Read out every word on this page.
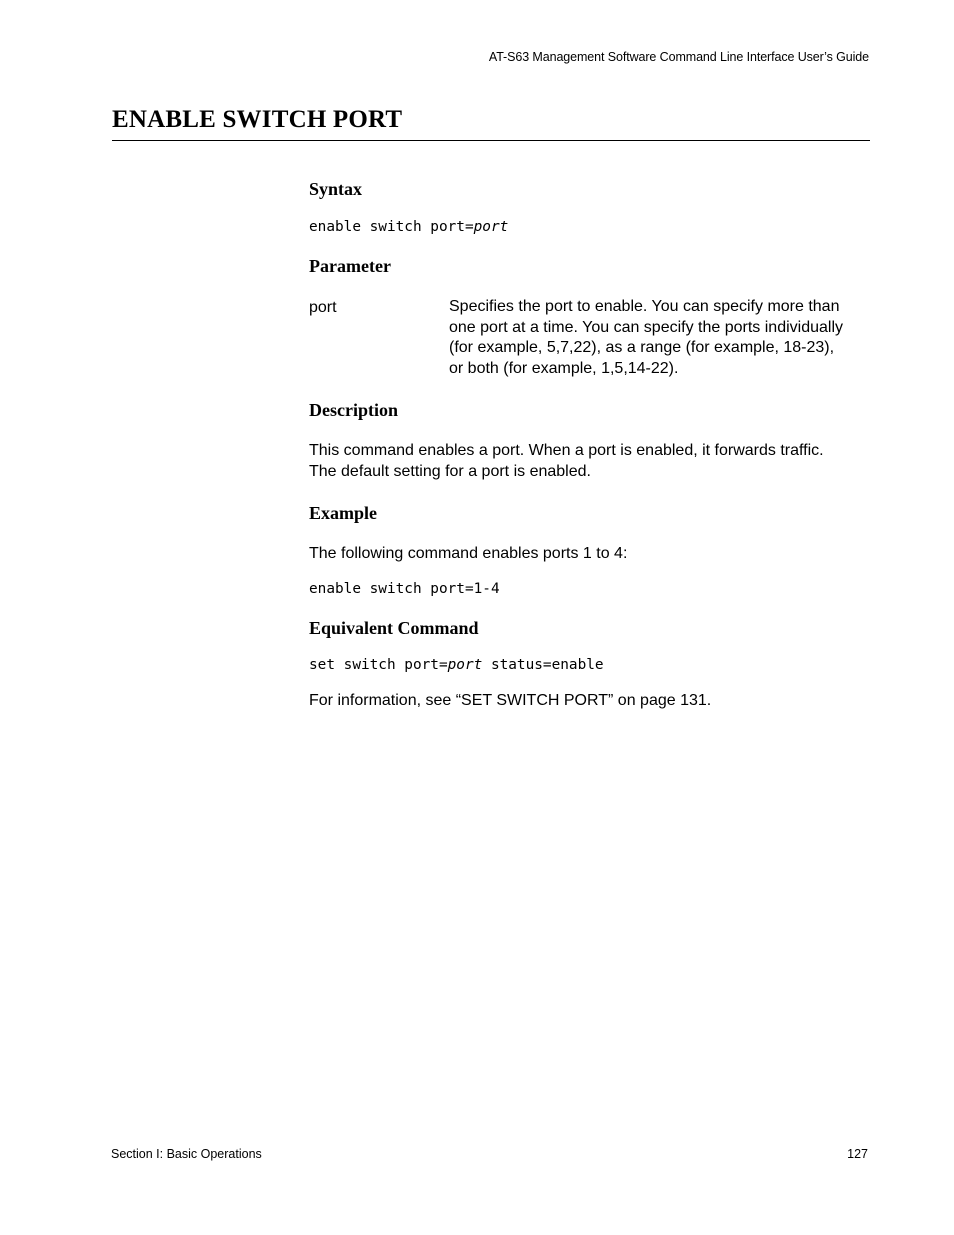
AT-S63 Management Software Command Line Interface User’s Guide
ENABLE SWITCH PORT
Syntax
enable switch port=port
Parameter
port	Specifies the port to enable. You can specify more than
one port at a time. You can specify the ports individually
(for example, 5,7,22), as a range (for example, 18-23),
or both (for example, 1,5,14-22).
Description
This command enables a port. When a port is enabled, it forwards traffic.
The default setting for a port is enabled.
Example
The following command enables ports 1 to 4:
enable switch port=1-4
Equivalent Command
set switch port=port status=enable
For information, see “SET SWITCH PORT” on page 131.
Section I: Basic Operations	127
